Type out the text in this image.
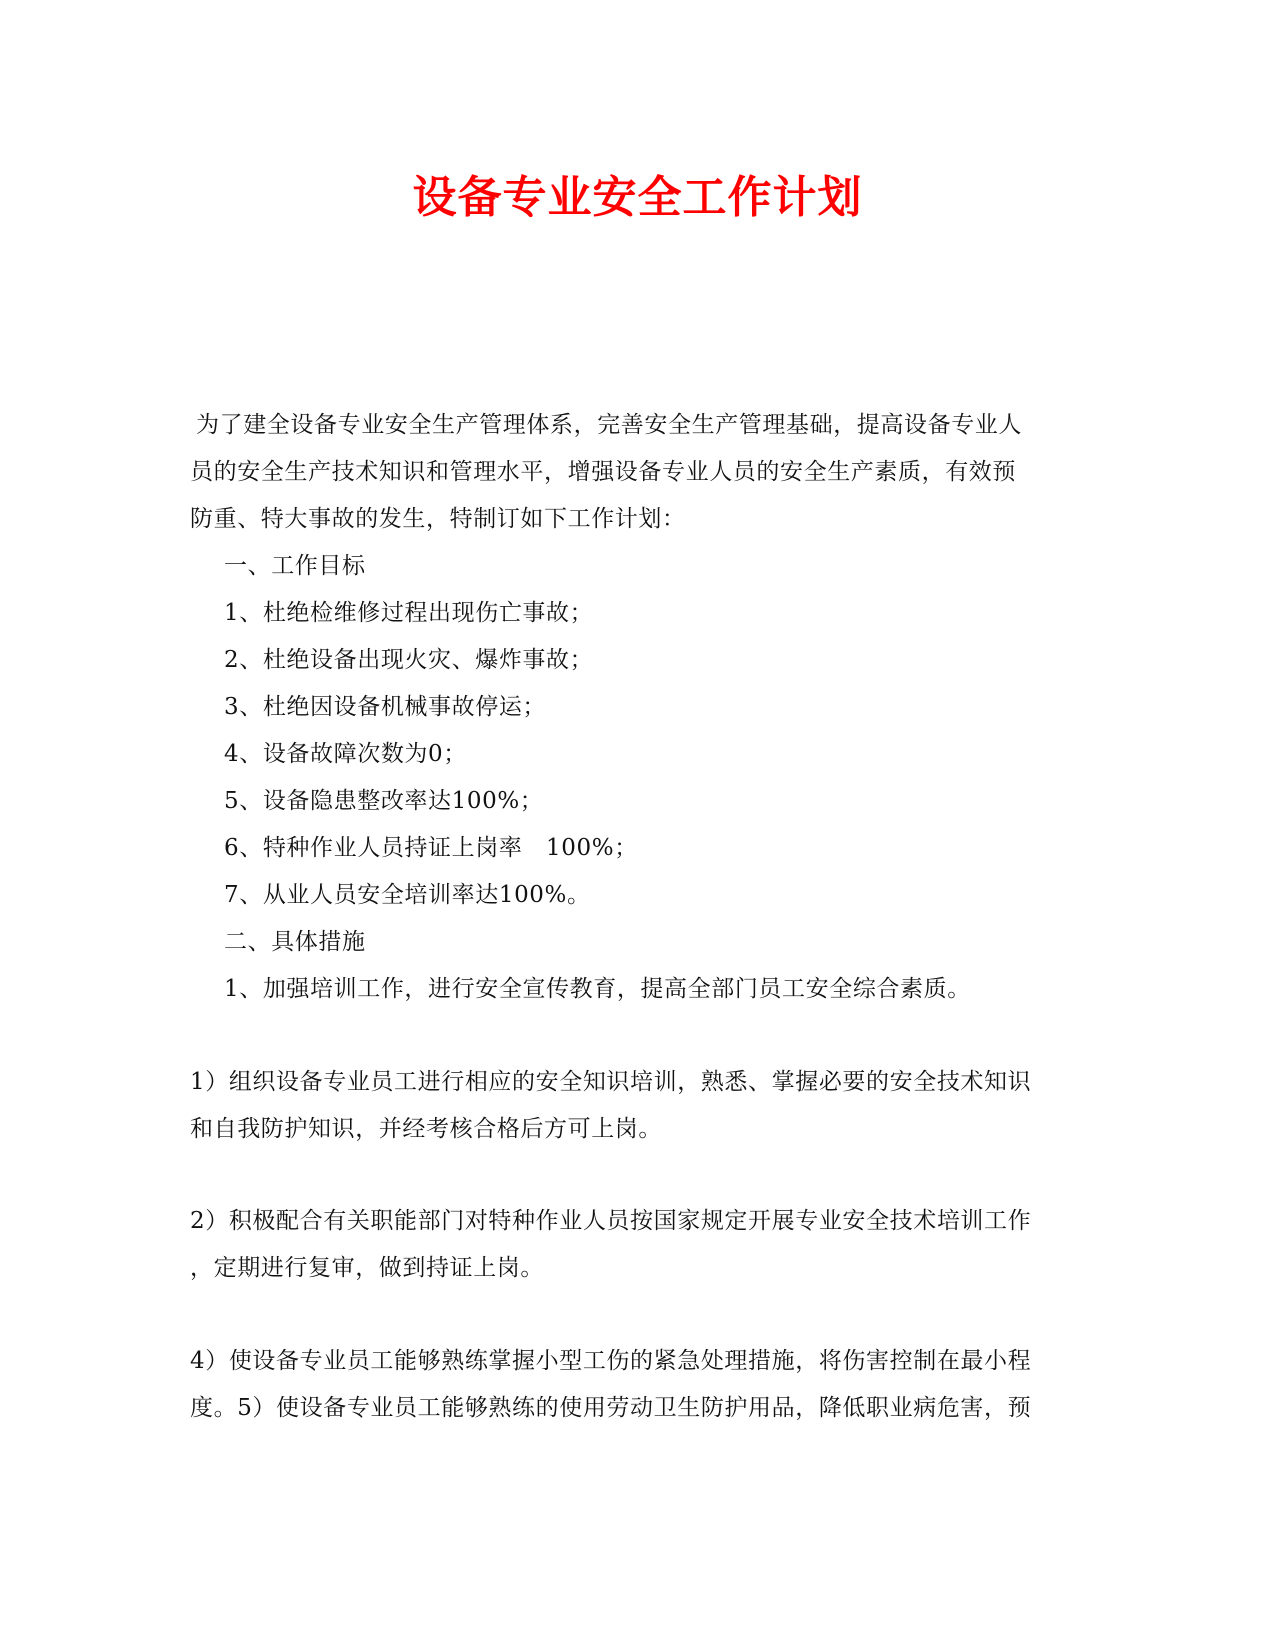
设备专业安全工作计划
为了建全设备专业安全生产管理体系，完善安全生产管理基础，提高设备专业人
员的安全生产技术知识和管理水平，增强设备专业人员的安全生产素质，有效预
防重、特大事故的发生，特制订如下工作计划：
一、工作目标
1、杜绝检维修过程出现伤亡事故；
2、杜绝设备出现火灾、爆炸事故；
3、杜绝因设备机械事故停运；
4、设备故障次数为0；
5、设备隐患整改率达100%；
6、特种作业人员持证上岗率　100%；
7、从业人员安全培训率达100%。
二、具体措施
1、加强培训工作，进行安全宣传教育，提高全部门员工安全综合素质。
1）组织设备专业员工进行相应的安全知识培训，熟悉、掌握必要的安全技术知识
和自我防护知识，并经考核合格后方可上岗。
2）积极配合有关职能部门对特种作业人员按国家规定开展专业安全技术培训工作
，定期进行复审，做到持证上岗。
4）使设备专业员工能够熟练掌握小型工伤的紧急处理措施，将伤害控制在最小程
度。5）使设备专业员工能够熟练的使用劳动卫生防护用品，降低职业病危害，预
